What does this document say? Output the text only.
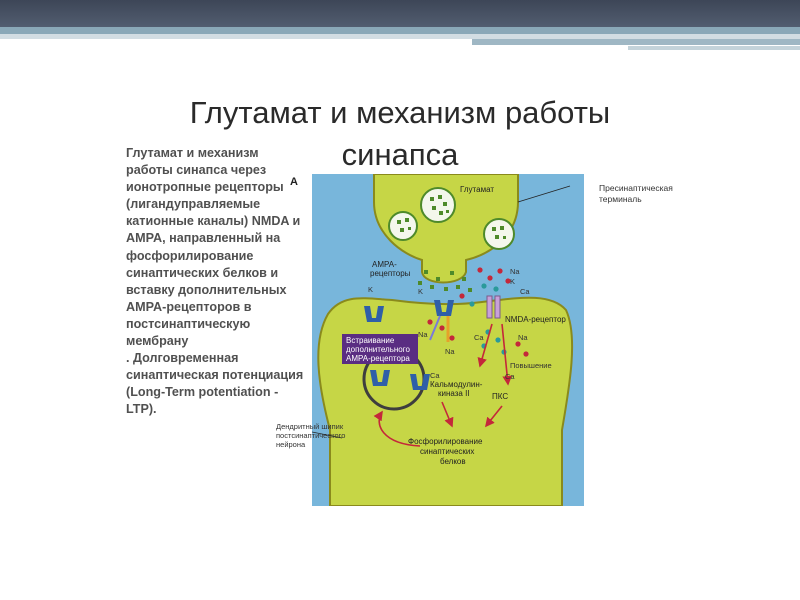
Глутамат и механизм работы синапса

Глутамат и механизм работы синапса через ионотропные рецепторы (лигандуправляемые катионные каналы) NMDA и AMPA, направленный на фосфорилирование синаптических белков и вставку дополнительных AMPA-рецепторов в постсинаптическую мембрану

. Долговременная синаптическая потенциация (Long-Term potentiation - LTP).

Глутамат
AMPA-
рецепторы
NMDA-рецептор
Встраивание
дополнительного
AMPA-рецептора
Na
K
Ca
Na	Ca	Na
Повышение
Ca
K	K
Na
Ca
Кальмодулин-
киназа II	ПКС
Фосфорилирование
синаптических
белков
A	Пресинаптическая терминаль
Дендритный шипик постсинаптического нейрона
